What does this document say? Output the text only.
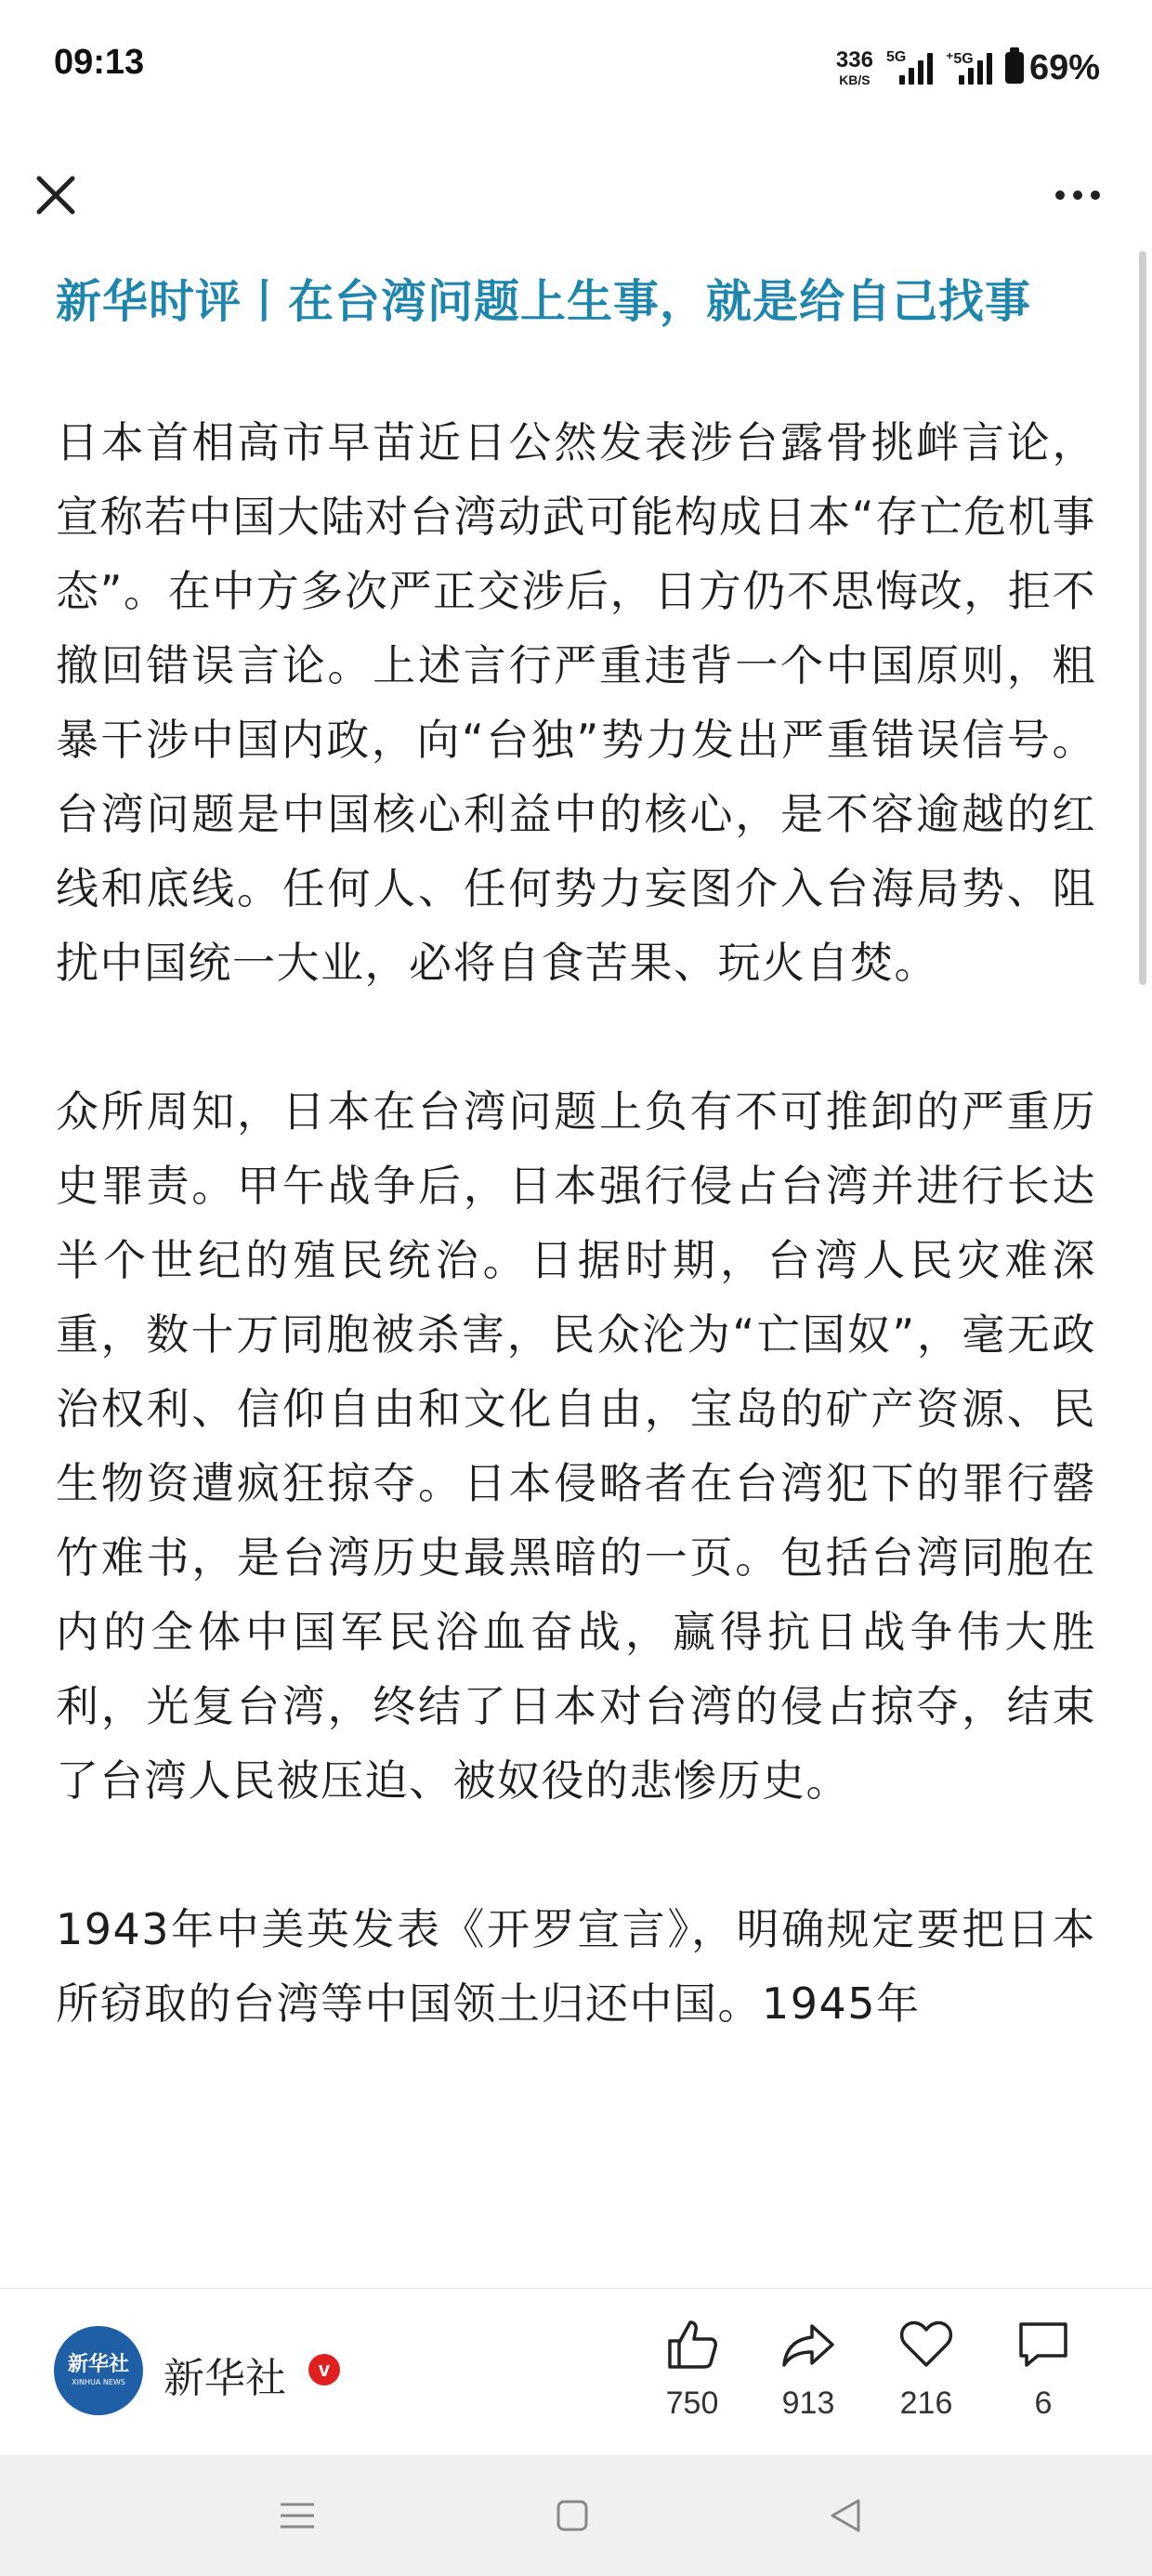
09:13	336
KB/S
5G	⁺5G 69%
新华时评丨在台湾问题上生事，就是给自己找事

日本首相高市早苗近日公然发表涉台露骨挑衅言论，宣称若中国大陆对台湾动武可能构成日本“存亡危机事态”。在中方多次严正交涉后，日方仍不思悔改，拒不撤回错误言论。上述言行严重违背一个中国原则，粗暴干涉中国内政，向“台独”势力发出严重错误信号。台湾问题是中国核心利益中的核心，是不容逾越的红线和底线。任何人、任何势力妄图介入台海局势、阻扰中国统一大业，必将自食苦果、玩火自焚。

众所周知，日本在台湾问题上负有不可推卸的严重历史罪责。甲午战争后，日本强行侵占台湾并进行长达半个世纪的殖民统治。日据时期，台湾人民灾难深重，数十万同胞被杀害，民众沦为“亡国奴”，毫无政治权利、信仰自由和文化自由，宝岛的矿产资源、民生物资遭疯狂掠夺。日本侵略者在台湾犯下的罪行罄竹难书，是台湾历史最黑暗的一页。包括台湾同胞在内的全体中国军民浴血奋战，赢得抗日战争伟大胜利，光复台湾，终结了日本对台湾的侵占掠夺，结束了台湾人民被压迫、被奴役的悲惨历史。

1943年中美英发表《开罗宣言》，明确规定要把日本所窃取的台湾等中国领土归还中国。1945年

新华社
XINHUA NEWS 新华社	v
750 913 216	6
